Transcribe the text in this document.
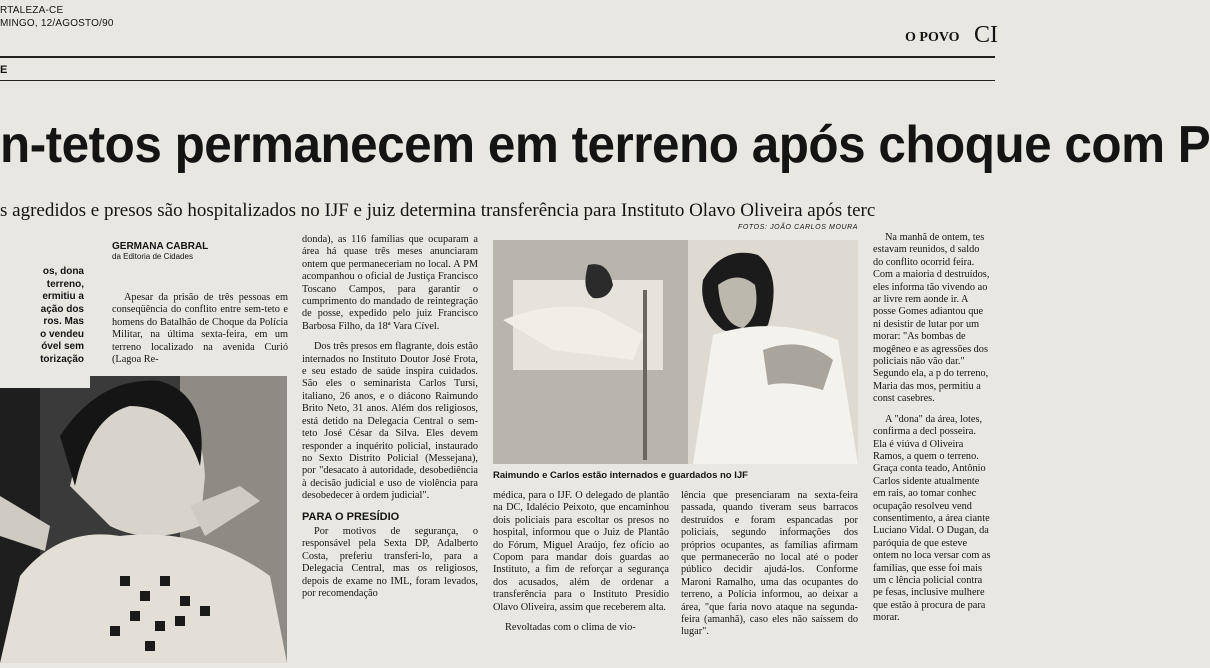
RTALEZA-CE
MINGO, 12/AGOSTO/90
O POVO CI
E
n-tetos permanecem em terreno após choque com P
s agredidos e presos são hospitalizados no IJF e juiz determina transferência para Instituto Olavo Oliveira após terc
os, dona
terreno,
ermitiu a
ação dos
ros. Mas
o vendeu
óvel sem
torização
GERMANA CABRAL
da Editoria de Cidades

Apesar da prisão de três pessoas em conseqüência do conflito entre sem-teto e homens do Batalhão de Choque da Polícia Militar, na última sexta-feira, em um terreno localizado na avenida Curió (Lagoa Re-

donda), as 116 famílias que ocuparam a área há quase três meses anunciaram ontem que permaneceriam no local. A PM acompanhou o oficial de Justiça Francisco Toscano Campos, para garantir o cumprimento do mandado de reintegração de posse, expedido pelo juiz Francisco Barbosa Filho, da 18ª Vara Cível.

Dos três presos em flagrante, dois estão internados no Instituto Doutor José Frota, e seu estado de saúde inspira cuidados. São eles o seminarista Carlos Tursi, italiano, 26 anos, e o diácono Raimundo Brito Neto, 31 anos. Além dos religiosos, está detido na Delegacia Central o sem-teto José César da Silva. Eles devem responder a inquérito policial, instaurado no Sexto Distrito Policial (Messejana), por "desacato à autoridade, desobediência à decisão judicial e uso de violência para desobedecer à ordem judicial".

PARA O PRESÍDIO

Por motivos de segurança, o responsável pela Sexta DP, Adalberto Costa, preferiu transferi-lo, para a Delegacia Central, mas os religiosos, depois de exame no IML, foram levados, por recomendação

FOTOS: JOÃO CARLOS MOURA
Raimundo e Carlos estão internados e guardados no IJF

médica, para o IJF. O delegado de plantão na DC, Idalécio Peixoto, que encaminhou dois policiais para escoltar os presos no hospital, informou que o Juiz de Plantão do Fórum, Miguel Araújo, fez ofício ao Copom para mandar dois guardas ao Instituto, a fim de reforçar a segurança dos acusados, além de ordenar a transferência para o Instituto Presídio Olavo Oliveira, assim que receberem alta.

Revoltadas com o clima de vio-

lência que presenciaram na sexta-feira passada, quando tiveram seus barracos destruídos e foram espancadas por policiais, segundo informações dos próprios ocupantes, as famílias afirmam que permanecerão no local até o poder público decidir ajudá-los. Conforme Maroni Ramalho, uma das ocupantes do terreno, a Polícia informou, ao deixar a área, "que faria novo ataque na segunda-feira (amanhã), caso eles não saíssem do lugar".

Na manhã de ontem, tes estavam reunidos, d saldo do conflito ocorrid feira. Com a maioria d destruídos, eles informa tão vivendo ao ar livre rem aonde ir. A posse Gomes adiantou que ni desistir de lutar por um morar: "As bombas de mogêneo e as agressões dos policiais não vão dar." Segundo ela, a p do terreno, Maria das mos, permitiu a const casebres.

A "dona" da área, lotes, confirma a decl posseira. Ela é viúva d Oliveira Ramos, a quem o terreno. Graça conta teado, Antônio Carlos sidente atualmente em rais, ao tomar conhec ocupação resolveu vend consentimento, a área ciante Luciano Vidal. O Dugan, da paróquia de que esteve ontem no loca versar com as famílias, que esse foi mais um c lência policial contra pe fesas, inclusive mulhere que estão à procura de para morar.
